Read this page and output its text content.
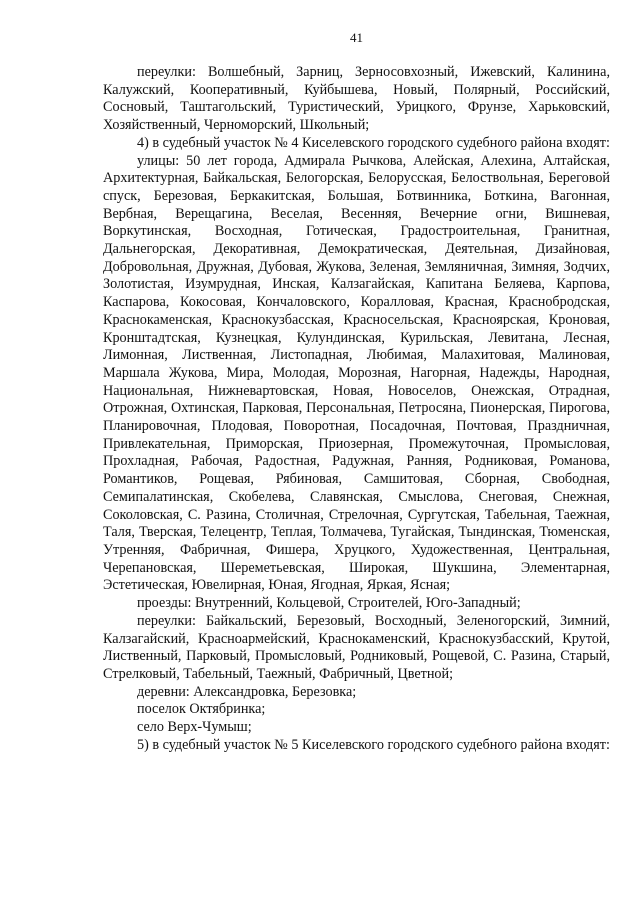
41

переулки: Волшебный, Зарниц, Зерносовхозный, Ижевский, Калинина, Калужский, Кооперативный, Куйбышева, Новый, Полярный, Российский, Сосновый, Таштагольский, Туристический, Урицкого, Фрунзе, Харьковский, Хозяйственный, Черноморский, Школьный;

4) в судебный участок № 4 Киселевского городского судебного района входят:

улицы: 50 лет города, Адмирала Рычкова, Алейская, Алехина, Алтайская, Архитектурная, Байкальская, Белогорская, Белорусская, Белоствольная, Береговой спуск, Березовая, Беркакитская, Большая, Ботвинника, Боткина, Вагонная, Вербная, Верещагина, Веселая, Весенняя, Вечерние огни, Вишневая, Воркутинская, Восходная, Готическая, Градостроительная, Гранитная, Дальнегорская, Декоративная, Демократическая, Деятельная, Дизайновая, Добровольная, Дружная, Дубовая, Жукова, Зеленая, Земляничная, Зимняя, Зодчих, Золотистая, Изумрудная, Инская, Калзагайская, Капитана Беляева, Карпова, Каспарова, Кокосовая, Кончаловского, Коралловая, Красная, Краснобродская, Краснокаменская, Краснокузбасская, Красносельская, Красноярская, Кроновая, Кронштадтская, Кузнецкая, Кулундинская, Курильская, Левитана, Лесная, Лимонная, Лиственная, Листопадная, Любимая, Малахитовая, Малиновая, Маршала Жукова, Мира, Молодая, Морозная, Нагорная, Надежды, Народная, Национальная, Нижневартовская, Новая, Новоселов, Онежская, Отрадная, Отрожная, Охтинская, Парковая, Персональная, Петросяна, Пионерская, Пирогова, Планировочная, Плодовая, Поворотная, Посадочная, Почтовая, Праздничная, Привлекательная, Приморская, Приозерная, Промежуточная, Промысловая, Прохладная, Рабочая, Радостная, Радужная, Ранняя, Родниковая, Романова, Романтиков, Рощевая, Рябиновая, Самшитовая, Сборная, Свободная, Семипалатинская, Скобелева, Славянская, Смыслова, Снеговая, Снежная, Соколовская, С. Разина, Столичная, Стрелочная, Сургутская, Табельная, Таежная, Таля, Тверская, Телецентр, Теплая, Толмачева, Тугайская, Тындинская, Тюменская, Утренняя, Фабричная, Фишера, Хруцкого, Художественная, Центральная, Черепановская, Шереметьевская, Широкая, Шукшина, Элементарная, Эстетическая, Ювелирная, Юная, Ягодная, Яркая, Ясная;

проезды: Внутренний, Кольцевой, Строителей, Юго-Западный;

переулки: Байкальский, Березовый, Восходный, Зеленогорский, Зимний, Калзагайский, Красноармейский, Краснокаменский, Краснокузбасский, Крутой, Лиственный, Парковый, Промысловый, Родниковый, Рощевой, С. Разина, Старый, Стрелковый, Табельный, Таежный, Фабричный, Цветной;

деревни: Александровка, Березовка;

поселок Октябринка;

село Верх-Чумыш;

5) в судебный участок № 5 Киселевского городского судебного района входят:
